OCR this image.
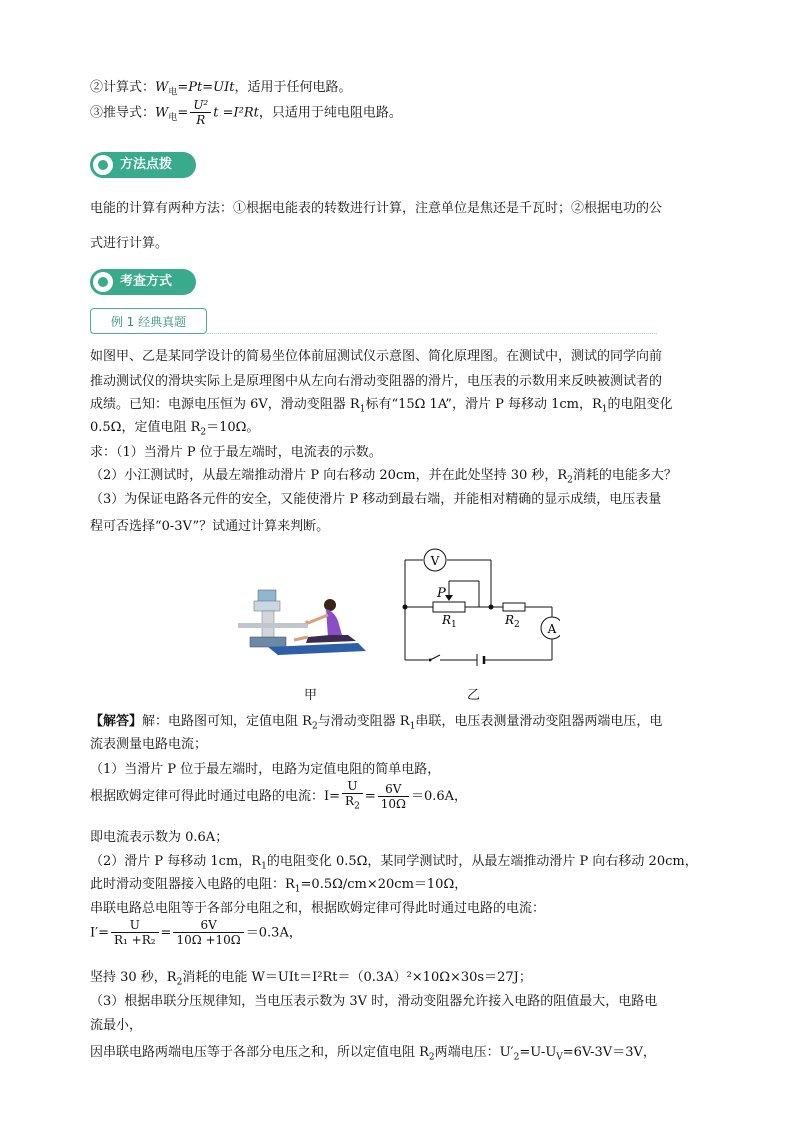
②计算式：$W_电=Pt=UIt$，适用于任何电路。
③推导式：$W_电= \frac{\text{U²}}{R}$ t =I²Rt，只适用于纯电阻电路。
方法点拨
电能的计算有两种方法：①根据电能表的转数进行计算，注意单位是焦还是千瓦时；②根据电功的公
式进行计算。
考查方式
例 1 经典真题
如图甲、乙是某同学设计的简易坐位体前屈测试仪示意图、简化原理图。在测试中，测试的同学向前
推动测试仪的滑块实际上是原理图中从左向右滑动变阻器的滑片，电压表的示数用来反映被测试者的
成绩。已知：电源电压恒为 6V，滑动变阻器 $R_1$标有“15Ω 1A”，滑片 P 每移动 1cm，$R_1$的电阻变化
0.5Ω，定值电阻 $R_2=10\Omega$。
求：（1）当滑片 P 位于最左端时，电流表的示数。
（2）小江测试时，从最左端推动滑片 P 向右移动 20cm，并在此处坚持 30 秒，$R_2$消耗的电能多大？
（3）为保证电路各元件的安全，又能使滑片 P 移动到最右端，并能相对精确的显示成绩，电压表量
程可否选择“0-3V”？试通过计算来判断。
V
A
P
$R_1$	$R_2$
甲	乙
【解答】解：电路图可知，定值电阻 $R_2$与滑动变阻器 $R_1$串联，电压表测量滑动变阻器两端电压，电
流表测量电路电流；
（1）当滑片 P 位于最左端时，电路为定值电阻的简单电路，
根据欧姆定律可得此时通过电路的电流：$I= \frac{U}{R_2} = \frac{6V}{10\Omega} =0.6A$，
即电流表示数为 0.6A；
（2）滑片 P 每移动 1cm，$R_1$的电阻变化 0.5Ω，某同学测试时，从最左端推动滑片 P 向右移动 20cm，
此时滑动变阻器接入电路的电阻：$R_1=0.5\Omega/cm\times 20cm=10\Omega$，
串联电路总电阻等于各部分电阻之和，根据欧姆定律可得此时通过电路的电流：
$I'= \frac{U}{\text{R₁ +R₂}} = \frac{6V}{10\Omega +10\Omega} =0.3A$，
坚持 30 秒，$R_2$消耗的电能 W＝UIt＝I²Rt＝（0.3A）²×10Ω×30s＝27J；
（3）根据串联分压规律知，当电压表示数为 3V 时，滑动变阻器允许接入电路的阻值最大，电路电
流最小，
因串联电路两端电压等于各部分电压之和，所以定值电阻 $R_2$两端电压：$U'_2=U-U_V=6V-3V=3V$，
